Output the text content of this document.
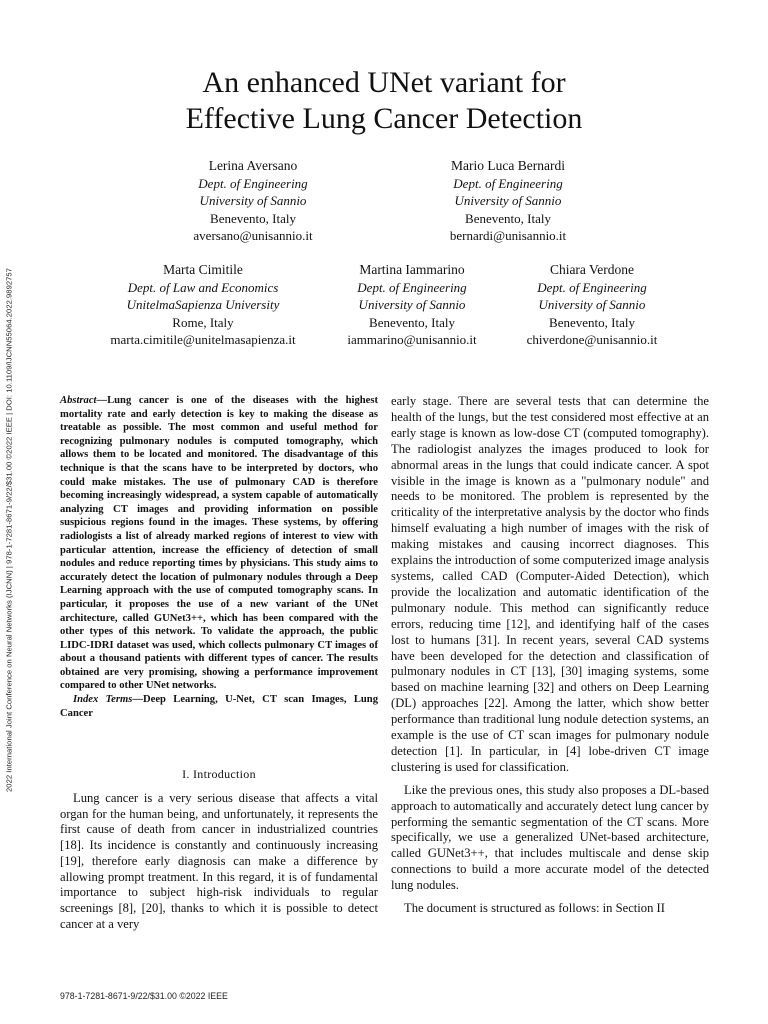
2022 International Joint Conference on Neural Networks (IJCNN) | 978-1-7281-8671-9/22/$31.00 ©2022 IEEE | DOI: 10.1109/IJCNN55064.2022.9892757
An enhanced UNet variant for
Effective Lung Cancer Detection
Lerina Aversano
Dept. of Engineering
University of Sannio
Benevento, Italy
aversano@unisannio.it
Mario Luca Bernardi
Dept. of Engineering
University of Sannio
Benevento, Italy
bernardi@unisannio.it
Marta Cimitile
Dept. of Law and Economics
UnitelmaSapienza University
Rome, Italy
marta.cimitile@unitelmasapienza.it
Martina Iammarino
Dept. of Engineering
University of Sannio
Benevento, Italy
iammarino@unisannio.it
Chiara Verdone
Dept. of Engineering
University of Sannio
Benevento, Italy
chiverdone@unisannio.it

Abstract—Lung cancer is one of the diseases with the highest mortality rate and early detection is key to making the disease as treatable as possible. The most common and useful method for recognizing pulmonary nodules is computed tomography, which allows them to be located and monitored. The disadvantage of this technique is that the scans have to be interpreted by doctors, who could make mistakes. The use of pulmonary CAD is therefore becoming increasingly widespread, a system capable of automatically analyzing CT images and providing information on possible suspicious regions found in the images. These systems, by offering radiologists a list of already marked regions of interest to view with particular attention, increase the efficiency of detection of small nodules and reduce reporting times by physicians. This study aims to accurately detect the location of pulmonary nodules through a Deep Learning approach with the use of computed tomography scans. In particular, it proposes the use of a new variant of the UNet architecture, called GUNet3++, which has been compared with the other types of this network. To validate the approach, the public LIDC-IDRI dataset was used, which collects pulmonary CT images of about a thousand patients with different types of cancer. The results obtained are very promising, showing a performance improvement compared to other UNet networks.

Index Terms—Deep Learning, U-Net, CT scan Images, Lung Cancer

I. Introduction

Lung cancer is a very serious disease that affects a vital organ for the human being, and unfortunately, it represents the first cause of death from cancer in industrialized countries [18]. Its incidence is constantly and continuously increasing [19], therefore early diagnosis can make a difference by allowing prompt treatment. In this regard, it is of fundamental importance to subject high-risk individuals to regular screenings [8], [20], thanks to which it is possible to detect cancer at a very

early stage. There are several tests that can determine the health of the lungs, but the test considered most effective at an early stage is known as low-dose CT (computed tomography). The radiologist analyzes the images produced to look for abnormal areas in the lungs that could indicate cancer. A spot visible in the image is known as a "pulmonary nodule" and needs to be monitored. The problem is represented by the criticality of the interpretative analysis by the doctor who finds himself evaluating a high number of images with the risk of making mistakes and causing incorrect diagnoses. This explains the introduction of some computerized image analysis systems, called CAD (Computer-Aided Detection), which provide the localization and automatic identification of the pulmonary nodule. This method can significantly reduce errors, reducing time [12], and identifying half of the cases lost to humans [31]. In recent years, several CAD systems have been developed for the detection and classification of pulmonary nodules in CT [13], [30] imaging systems, some based on machine learning [32] and others on Deep Learning (DL) approaches [22]. Among the latter, which show better performance than traditional lung nodule detection systems, an example is the use of CT scan images for pulmonary nodule detection [1]. In particular, in [4] lobe-driven CT image clustering is used for classification.

Like the previous ones, this study also proposes a DL-based approach to automatically and accurately detect lung cancer by performing the semantic segmentation of the CT scans. More specifically, we use a generalized UNet-based architecture, called GUNet3++, that includes multiscale and dense skip connections to build a more accurate model of the detected lung nodules.

The document is structured as follows: in Section II

978-1-7281-8671-9/22/$31.00 ©2022 IEEE
